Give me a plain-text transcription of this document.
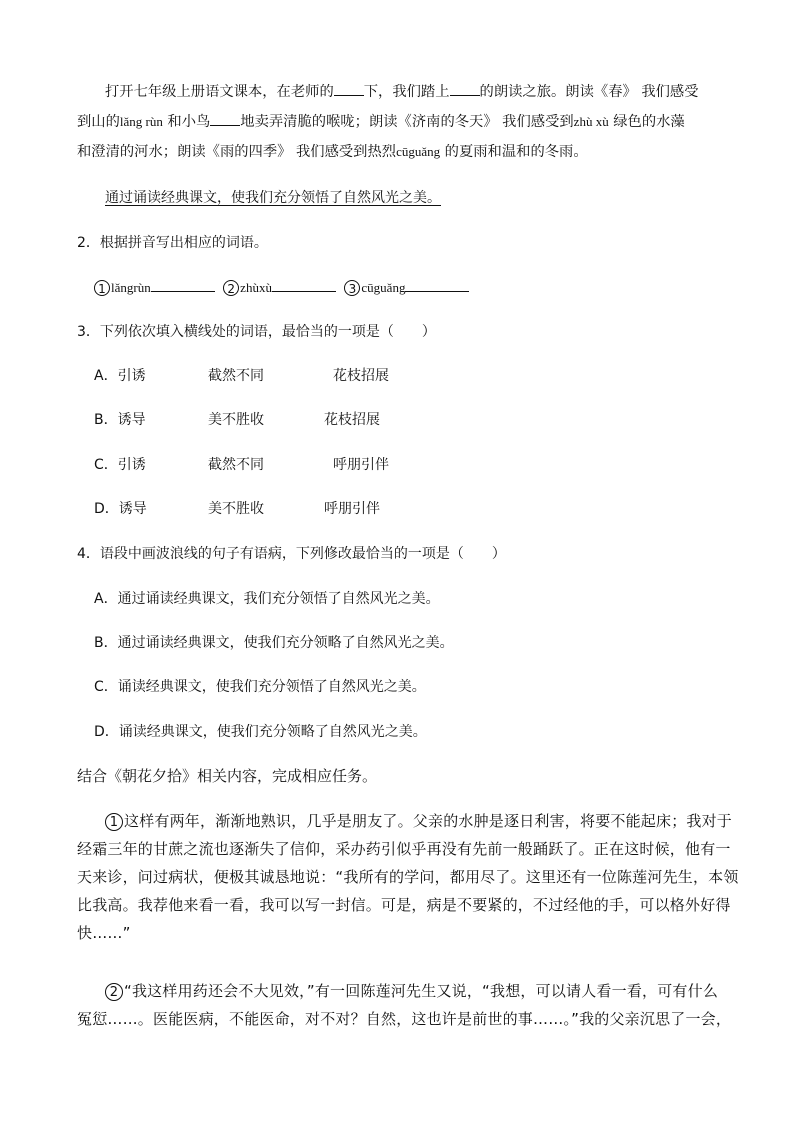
打开七年级上册语文课本，在老师的 下，我们踏上 的朗读之旅。朗读《春》 我们感受
到山的lǎng rùn 和小鸟 地卖弄清脆的喉咙；朗读《济南的冬天》 我们感受到zhù xù 绿色的水藻
和澄清的河水；朗读《雨的四季》 我们感受到热烈cūguǎng 的夏雨和温和的冬雨。
通过诵读经典课文，使我们充分领悟了自然风光之美。
2．根据拼音写出相应的词语。
1 lǎngrùn	2 zhùxù	3 cūguǎng
3．下列依次填入横线处的词语，最恰当的一项是（　　）
A．引诱	截然不同	花枝招展
B．诱导	美不胜收	花枝招展
C．引诱	截然不同	呼朋引伴
D．诱导	美不胜收	呼朋引伴
4．语段中画波浪线的句子有语病，下列修改最恰当的一项是（　　）
A．通过诵读经典课文，我们充分领悟了自然风光之美。
B．通过诵读经典课文，使我们充分领略了自然风光之美。
C．诵读经典课文，使我们充分领悟了自然风光之美。
D．诵读经典课文，使我们充分领略了自然风光之美。
结合《朝花夕拾》相关内容，完成相应任务。
1 这样有两年，渐渐地熟识，几乎是朋友了。父亲的水肿是逐日利害，将要不能起床；我对于
经霜三年的甘蔗之流也逐渐失了信仰，采办药引似乎再没有先前一般踊跃了。正在这时候，他有一
天来诊，问过病状，便极其诚恳地说：“我所有的学问，都用尽了。这里还有一位陈莲河先生，本领
比我高。我荐他来看一看，我可以写一封信。可是，病是不要紧的，不过经他的手，可以格外好得
快……”
2 “我这样用药还会不大见效，”有一回陈莲河先生又说，“我想，可以请人看一看，可有什么
冤愆……。医能医病，不能医命，对不对？自然，这也许是前世的事……。”我的父亲沉思了一会，
